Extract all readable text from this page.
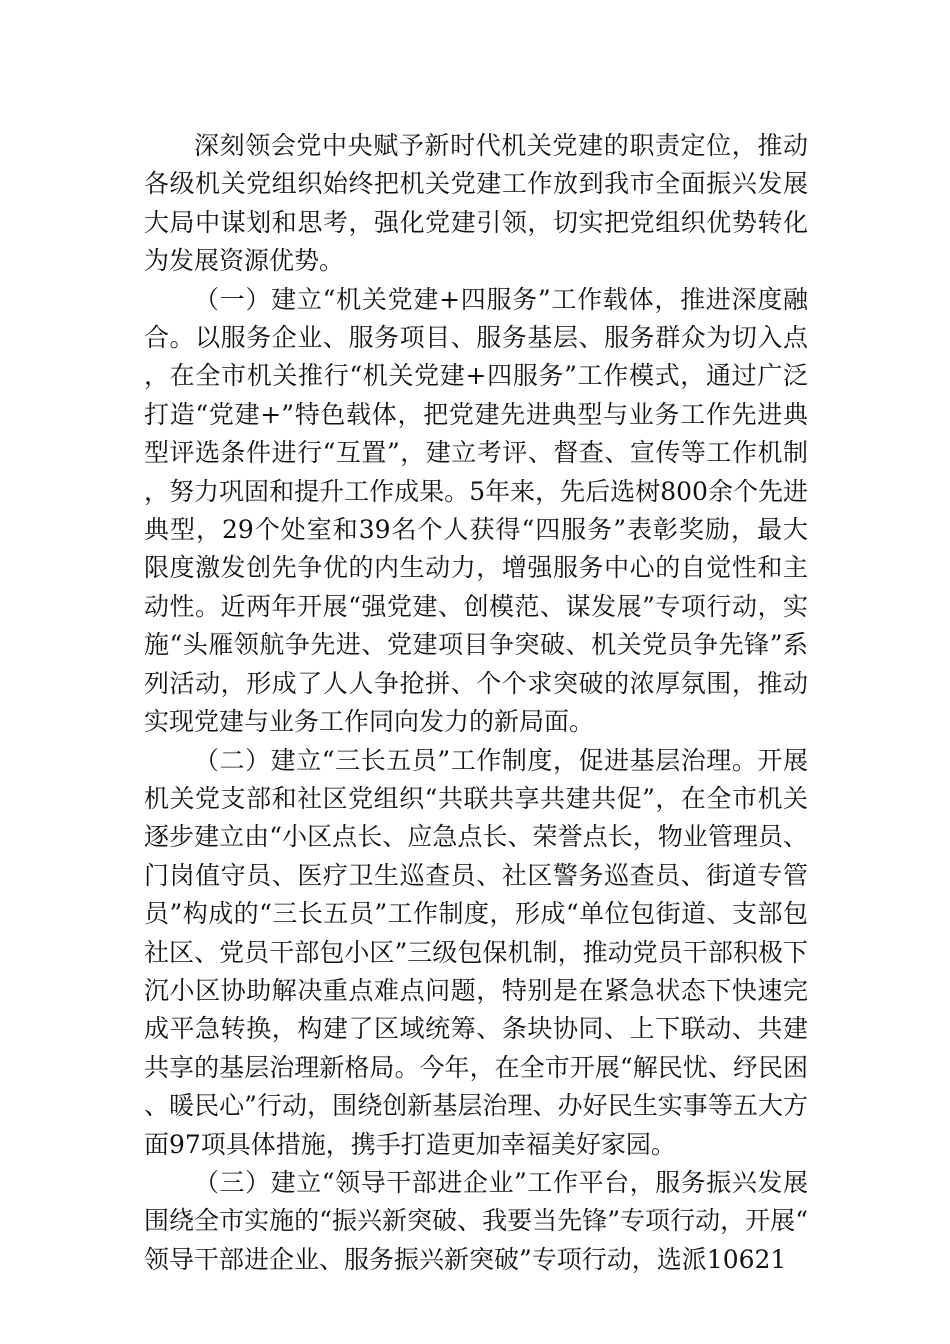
深刻领会党中央赋予新时代机关党建的职责定位，推动各级机关党组织始终把机关党建工作放到我市全面振兴发展大局中谋划和思考，强化党建引领，切实把党组织优势转化为发展资源优势。

（一）建立“机关党建+四服务”工作载体，推进深度融合。以服务企业、服务项目、服务基层、服务群众为切入点，在全市机关推行“机关党建+四服务”工作模式，通过广泛打造“党建+”特色载体，把党建先进典型与业务工作先进典型评选条件进行“互置”，建立考评、督查、宣传等工作机制，努力巩固和提升工作成果。5年来，先后选树800余个先进典型，29个处室和39名个人获得“四服务”表彰奖励，最大限度激发创先争优的内生动力，增强服务中心的自觉性和主动性。近两年开展“强党建、创模范、谋发展”专项行动，实施“头雁领航争先进、党建项目争突破、机关党员争先锋”系列活动，形成了人人争抢拼、个个求突破的浓厚氛围，推动实现党建与业务工作同向发力的新局面。

（二）建立“三长五员”工作制度，促进基层治理。开展机关党支部和社区党组织“共联共享共建共促”，在全市机关逐步建立由“小区点长、应急点长、荣誉点长，物业管理员、门岗值守员、医疗卫生巡查员、社区警务巡查员、街道专管员”构成的“三长五员”工作制度，形成“单位包街道、支部包社区、党员干部包小区”三级包保机制，推动党员干部积极下沉小区协助解决重点难点问题，特别是在紧急状态下快速完成平急转换，构建了区域统筹、条块协同、上下联动、共建共享的基层治理新格局。今年，在全市开展“解民忧、纾民困、暖民心”行动，围绕创新基层治理、办好民生实事等五大方面97项具体措施，携手打造更加幸福美好家园。

（三）建立“领导干部进企业”工作平台，服务振兴发展围绕全市实施的“振兴新突破、我要当先锋”专项行动，开展“领导干部进企业、服务振兴新突破”专项行动，选派10621
